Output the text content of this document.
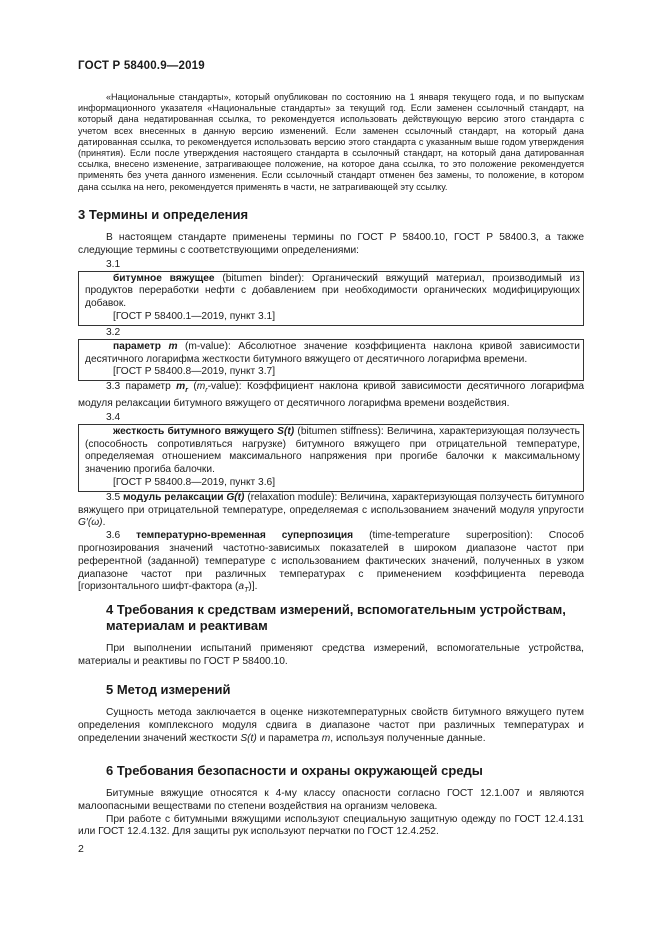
ГОСТ Р 58400.9—2019

«Национальные стандарты», который опубликован по состоянию на 1 января текущего года, и по выпускам информационного указателя «Национальные стандарты» за текущий год. Если заменен ссылочный стандарт, на который дана недатированная ссылка, то рекомендуется использовать действующую версию этого стандарта с учетом всех внесенных в данную версию изменений. Если заменен ссылочный стандарт, на который дана датированная ссылка, то рекомендуется использовать версию этого стандарта с указанным выше годом утверждения (принятия). Если после утверждения настоящего стандарта в ссылочный стандарт, на который дана датированная ссылка, внесено изменение, затрагивающее положение, на которое дана ссылка, то это положение рекомендуется применять без учета данного изменения. Если ссылочный стандарт отменен без замены, то положение, в котором дана ссылка на него, рекомендуется применять в части, не затрагивающей эту ссылку.

3 Термины и определения

В настоящем стандарте применены термины по ГОСТ Р 58400.10, ГОСТ Р 58400.3, а также следующие термины с соответствующими определениями:

3.1

битумное вяжущее (bitumen binder): Органический вяжущий материал, производимый из продуктов переработки нефти с добавлением при необходимости органических модифицирующих добавок.

[ГОСТ Р 58400.1—2019, пункт 3.1]

3.2

параметр m (m-value): Абсолютное значение коэффициента наклона кривой зависимости десятичного логарифма жесткости битумного вяжущего от десятичного логарифма времени.

[ГОСТ Р 58400.8—2019, пункт 3.7]

3.3 параметр $m_r$ $(m_r-value)$: Коэффициент наклона кривой зависимости десятичного логарифма модуля релаксации битумного вяжущего от десятичного логарифма времени воздействия.

3.4

жесткость битумного вяжущего S(t) (bitumen stiffness): Величина, характеризующая ползучесть (способность сопротивляться нагрузке) битумного вяжущего при отрицательной температуре, определяемая отношением максимального напряжения при прогибе балочки к максимальному значению прогиба балочки.

[ГОСТ Р 58400.8—2019, пункт 3.6]

3.5 модуль релаксации G(t) (relaxation module): Величина, характеризующая ползучесть битумного вяжущего при отрицательной температуре, определяемая с использованием значений модуля упругости G′(ω).

3.6 температурно-временная суперпозиция (time-temperature superposition): Способ прогнозирования значений частотно-зависимых показателей в широком диапазоне частот при референтной (заданной) температуре с использованием фактических значений, полученных в узком диапазоне частот при различных температурах с применением коэффициента перевода [горизонтального шифт-фактора $(a_T)$].

4 Требования к средствам измерений, вспомогательным устройствам, материалам и реактивам

При выполнении испытаний применяют средства измерений, вспомогательные устройства, материалы и реактивы по ГОСТ Р 58400.10.

5 Метод измерений

Сущность метода заключается в оценке низкотемпературных свойств битумного вяжущего путем определения комплексного модуля сдвига в диапазоне частот при различных температурах и определении значений жесткости S(t) и параметра m, используя полученные данные.

6 Требования безопасности и охраны окружающей среды

Битумные вяжущие относятся к 4-му классу опасности согласно ГОСТ 12.1.007 и являются малоопасными веществами по степени воздействия на организм человека.

При работе с битумными вяжущими используют специальную защитную одежду по ГОСТ 12.4.131 или ГОСТ 12.4.132. Для защиты рук используют перчатки по ГОСТ 12.4.252.

2
